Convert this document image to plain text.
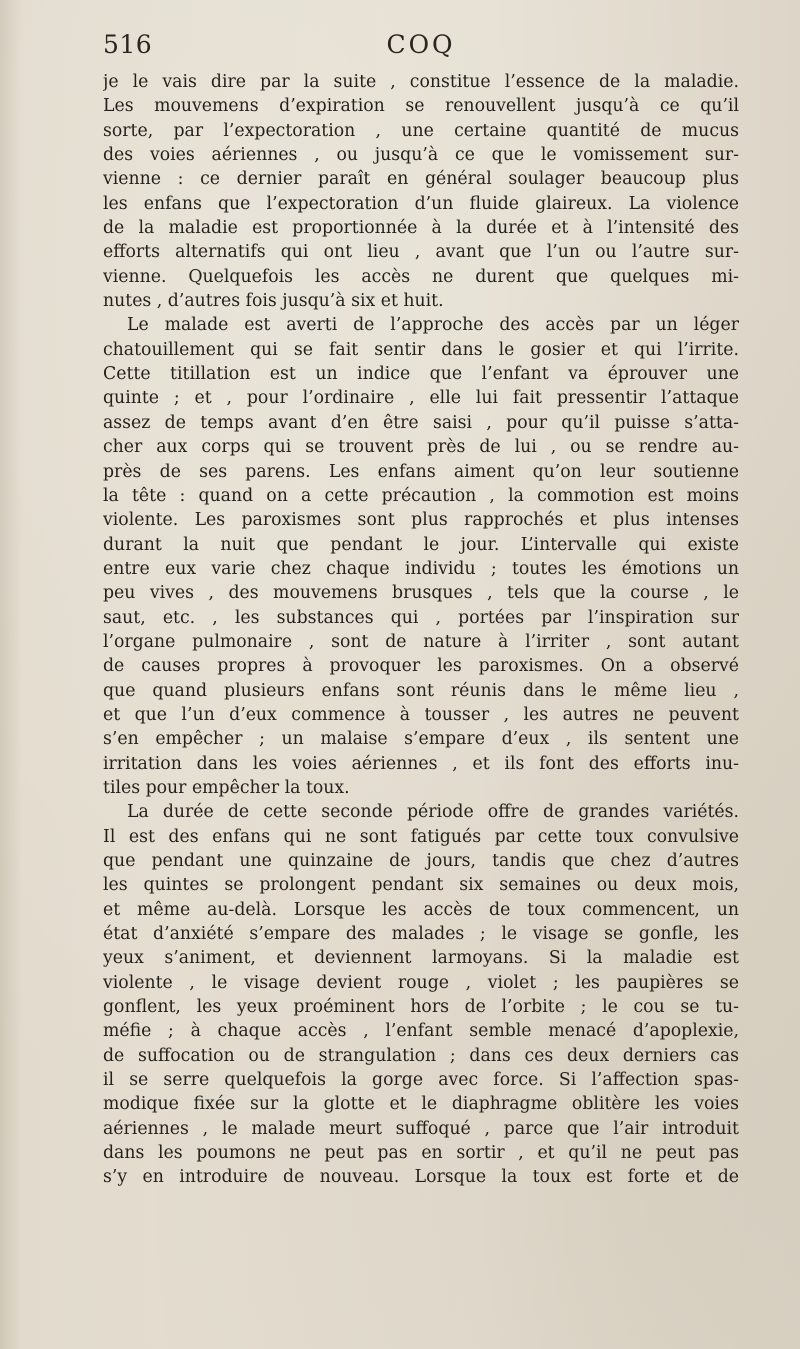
516	COQ
je le vais dire par la suite , constitue l’essence de la maladie.
Les mouvemens d’expiration se renouvellent jusqu’à ce qu’il
sorte, par l’expectoration , une certaine quantité de mucus
des voies aériennes , ou jusqu’à ce que le vomissement sur-
vienne : ce dernier paraît en général soulager beaucoup plus
les enfans que l’expectoration d’un fluide glaireux. La violence
de la maladie est proportionnée à la durée et à l’intensité des
efforts alternatifs qui ont lieu , avant que l’un ou l’autre sur-
vienne. Quelquefois les accès ne durent que quelques mi-
nutes , d’autres fois jusqu’à six et huit.
Le malade est averti de l’approche des accès par un léger
chatouillement qui se fait sentir dans le gosier et qui l’irrite.
Cette titillation est un indice que l’enfant va éprouver une
quinte ; et , pour l’ordinaire , elle lui fait pressentir l’attaque
assez de temps avant d’en être saisi , pour qu’il puisse s’atta-
cher aux corps qui se trouvent près de lui , ou se rendre au-
près de ses parens. Les enfans aiment qu’on leur soutienne
la tête : quand on a cette précaution , la commotion est moins
violente. Les paroxismes sont plus rapprochés et plus intenses
durant la nuit que pendant le jour. L’intervalle qui existe
entre eux varie chez chaque individu ; toutes les émotions un
peu vives , des mouvemens brusques , tels que la course , le
saut, etc. , les substances qui , portées par l’inspiration sur
l’organe pulmonaire , sont de nature à l’irriter , sont autant
de causes propres à provoquer les paroxismes. On a observé
que quand plusieurs enfans sont réunis dans le même lieu ,
et que l’un d’eux commence à tousser , les autres ne peuvent
s’en empêcher ; un malaise s’empare d’eux , ils sentent une
irritation dans les voies aériennes , et ils font des efforts inu-
tiles pour empêcher la toux.
La durée de cette seconde période offre de grandes variétés.
Il est des enfans qui ne sont fatigués par cette toux convulsive
que pendant une quinzaine de jours, tandis que chez d’autres
les quintes se prolongent pendant six semaines ou deux mois,
et même au-delà. Lorsque les accès de toux commencent, un
état d’anxiété s’empare des malades ; le visage se gonfle, les
yeux s’animent, et deviennent larmoyans. Si la maladie est
violente , le visage devient rouge , violet ; les paupières se
gonflent, les yeux proéminent hors de l’orbite ; le cou se tu-
méfie ; à chaque accès , l’enfant semble menacé d’apoplexie,
de suffocation ou de strangulation ; dans ces deux derniers cas
il se serre quelquefois la gorge avec force. Si l’affection spas-
modique fixée sur la glotte et le diaphragme oblitère les voies
aériennes , le malade meurt suffoqué , parce que l’air introduit
dans les poumons ne peut pas en sortir , et qu’il ne peut pas
s’y en introduire de nouveau. Lorsque la toux est forte et de
